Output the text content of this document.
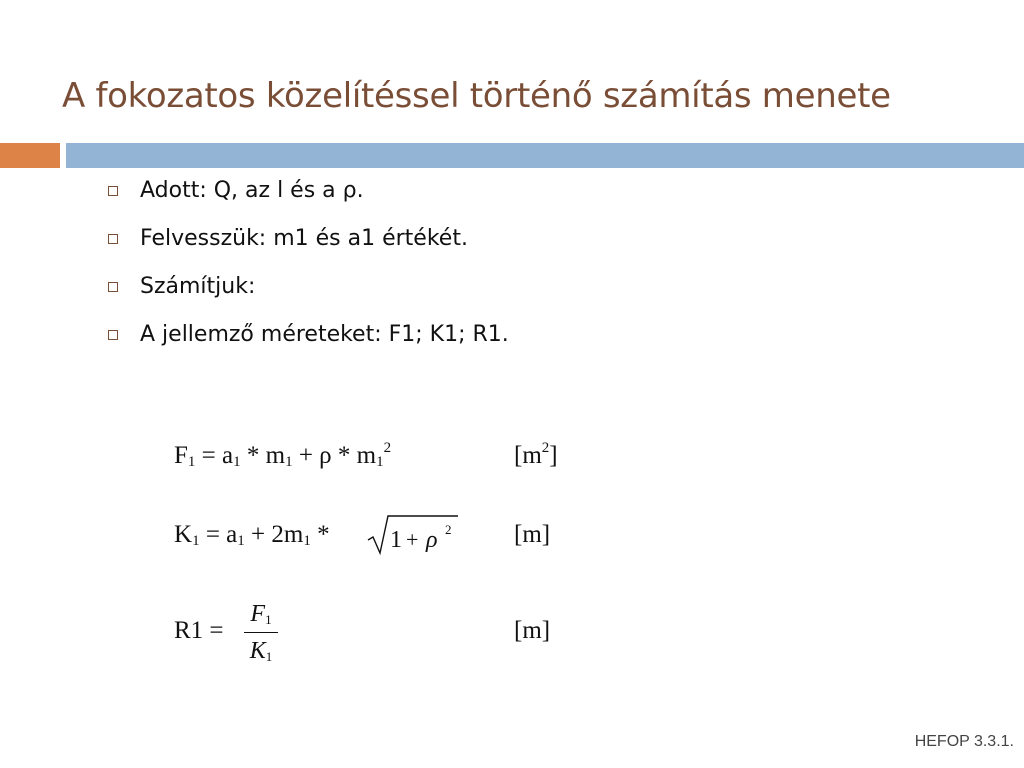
A fokozatos közelítéssel történő számítás menete
Adott: Q, az l és a ρ.
Felvesszük: m1 és a1 értékét.
Számítjuk:
A jellemző méreteket: F1; K1; R1.
$F_1 = a_1 * m_1 + \rho * m_1^2$	$[m^2]$
$K_1 = a_1 + 2m_1$ *	1 + ρ 2	[m]
R1 =
$F_1$
$K_1$
[m]
HEFOP 3.3.1.
